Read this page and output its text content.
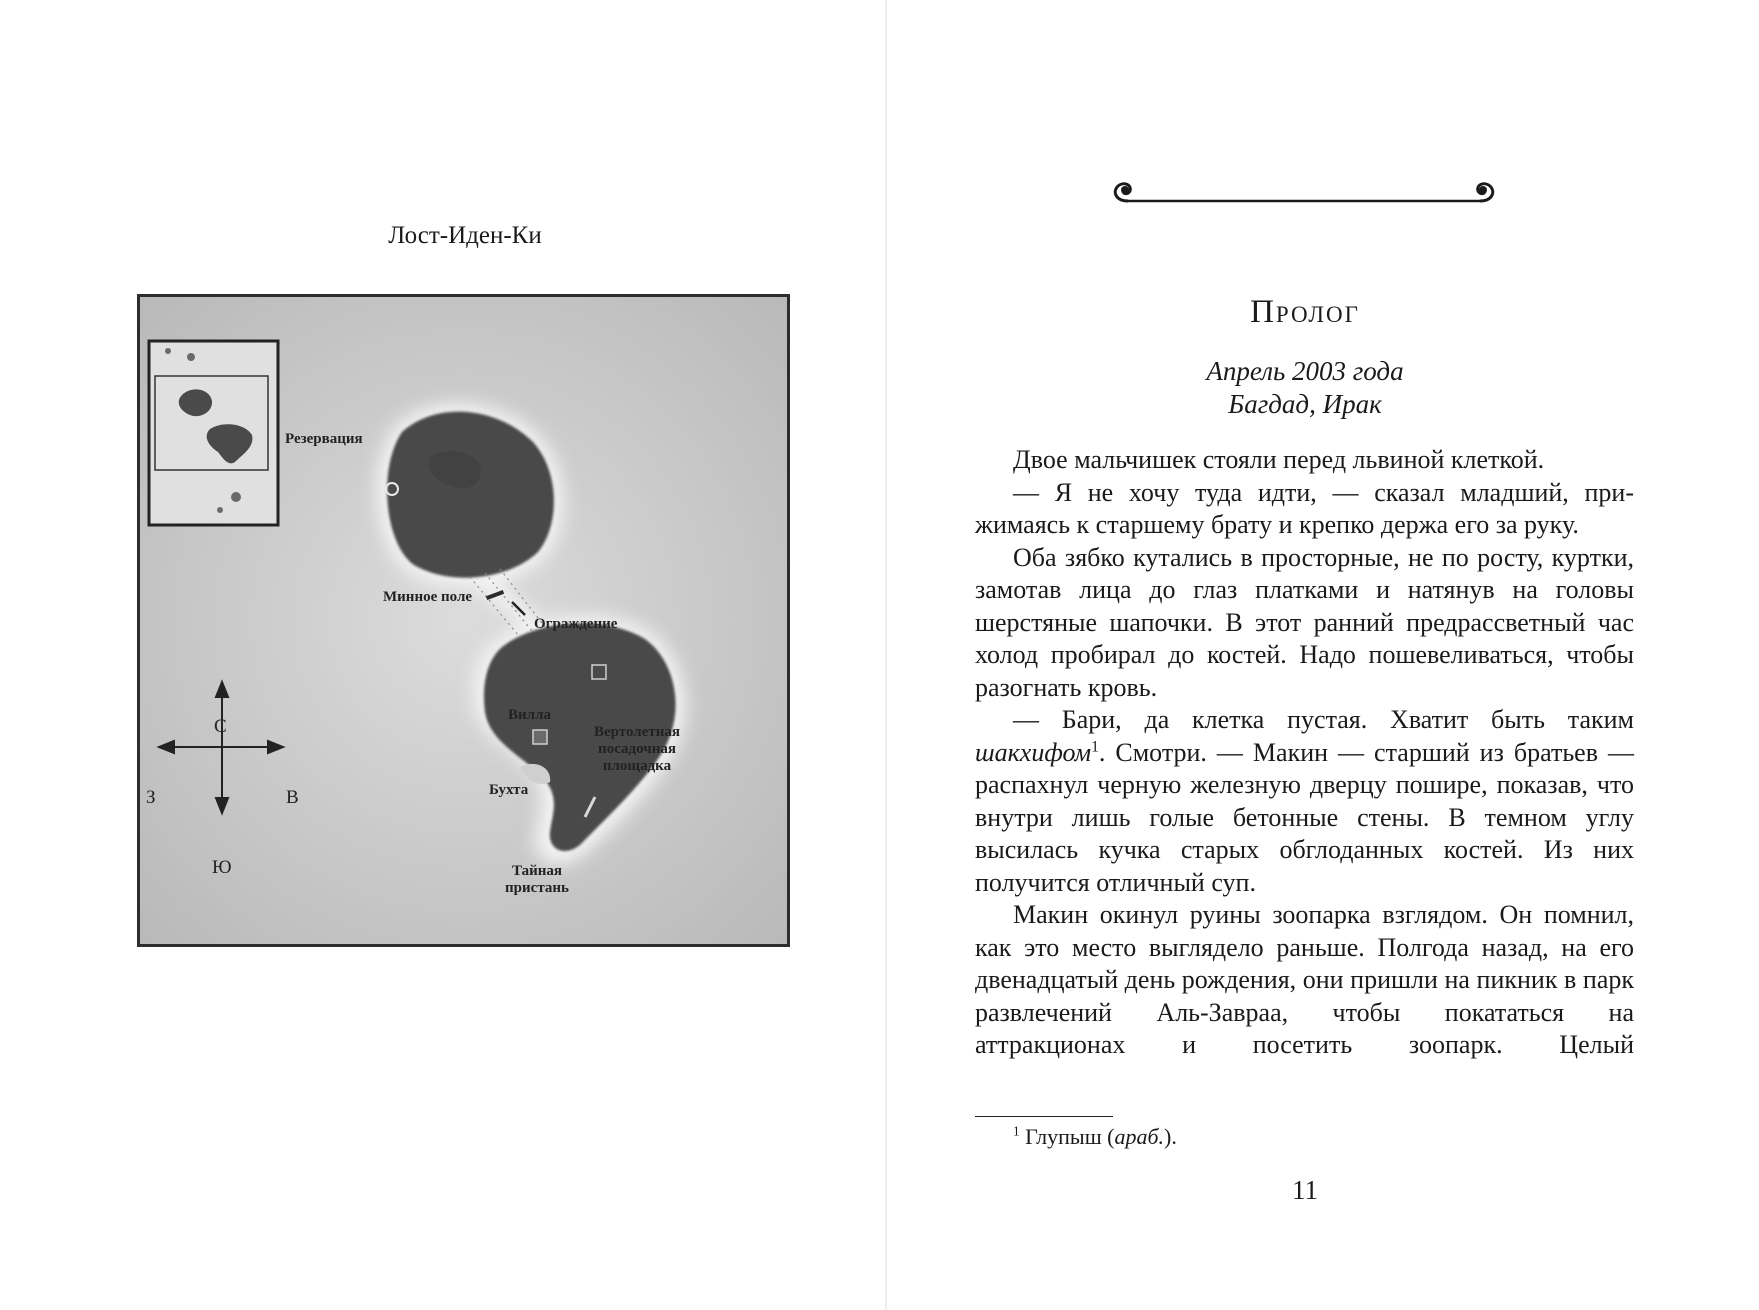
Лост-Иден-Ки
Резервация
Минное поле
Ограждение
Вилла
Вертолетная
посадочная
площадка
Бухта
Тайная
пристань
С
Ю
З	В
Пролог
Апрель 2003 года
Багдад, Ирак

Двое мальчишек стояли перед львиной клеткой.

— Я не хочу туда идти, — сказал младший, прижимаясь к старшему брату и крепко держа его за руку.

Оба зябко кутались в просторные, не по росту, куртки, замотав лица до глаз платками и натянув на головы шерстяные шапочки. В этот ранний предрассветный час холод пробирал до костей. Надо пошевеливаться, чтобы разогнать кровь.

— Бари, да клетка пустая. Хватит быть таким шакхифом$^1$. Смотри. — Макин — старший из братьев — распахнул черную железную дверцу пошире, показав, что внутри лишь голые бетонные стены. В темном углу высилась кучка старых обглоданных костей. Из них получится отличный суп.

Макин окинул руины зоопарка взглядом. Он помнил, как это место выглядело раньше. Полгода назад, на его двенадцатый день рождения, они пришли на пикник в парк развлечений Аль-Завраа, чтобы покататься на аттракционах и посетить зоопарк. Целый

$^1$ Глупыш (араб.).
11
